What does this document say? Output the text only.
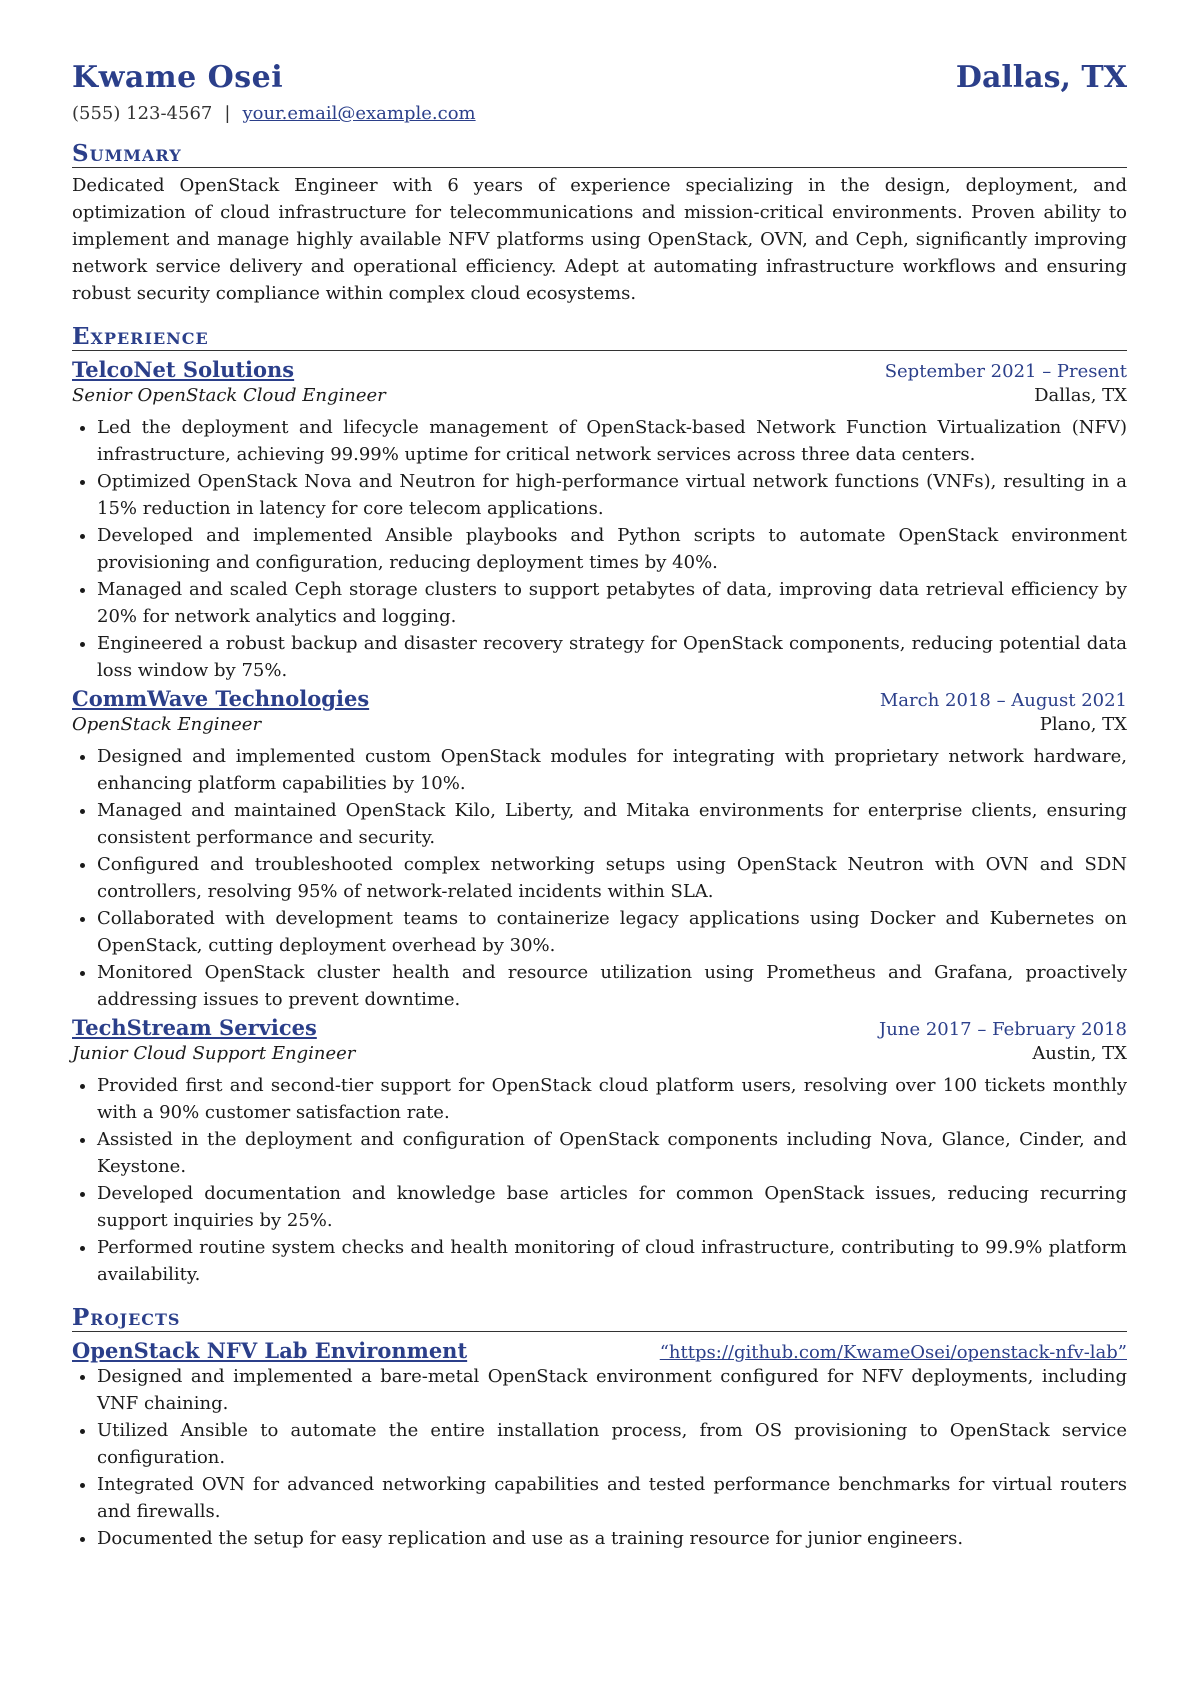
Kwame Osei	Dallas, TX
(555) 123-4567 | your.email@example.com
Summary
Dedicated OpenStack Engineer with 6 years of experience specializing in the design, deployment, and optimization of cloud infrastructure for telecommunications and mission-critical environments. Proven ability to implement and manage highly available NFV platforms using OpenStack, OVN, and Ceph, significantly improving network service delivery and operational efficiency. Adept at automating infrastructure workflows and ensuring robust security compliance within complex cloud ecosystems.
Experience
TelcoNet Solutions	September 2021 – Present
Senior OpenStack Cloud Engineer	Dallas, TX
• Led the deployment and lifecycle management of OpenStack-based Network Function Virtualization (NFV) infrastructure, achieving 99.99% uptime for critical network services across three data centers.
• Optimized OpenStack Nova and Neutron for high-performance virtual network functions (VNFs), resulting in a 15% reduction in latency for core telecom applications.
• Developed and implemented Ansible playbooks and Python scripts to automate OpenStack environment provisioning and configuration, reducing deployment times by 40%.
• Managed and scaled Ceph storage clusters to support petabytes of data, improving data retrieval efficiency by 20% for network analytics and logging.
• Engineered a robust backup and disaster recovery strategy for OpenStack components, reducing potential data loss window by 75%.
CommWave Technologies	March 2018 – August 2021
OpenStack Engineer	Plano, TX
• Designed and implemented custom OpenStack modules for integrating with proprietary network hardware, enhancing platform capabilities by 10%.
• Managed and maintained OpenStack Kilo, Liberty, and Mitaka environments for enterprise clients, ensuring consistent performance and security.
• Configured and troubleshooted complex networking setups using OpenStack Neutron with OVN and SDN controllers, resolving 95% of network-related incidents within SLA.
• Collaborated with development teams to containerize legacy applications using Docker and Kubernetes on OpenStack, cutting deployment overhead by 30%.
• Monitored OpenStack cluster health and resource utilization using Prometheus and Grafana, proactively addressing issues to prevent downtime.
TechStream Services	June 2017 – February 2018
Junior Cloud Support Engineer	Austin, TX
• Provided first and second-tier support for OpenStack cloud platform users, resolving over 100 tickets monthly with a 90% customer satisfaction rate.
• Assisted in the deployment and configuration of OpenStack components including Nova, Glance, Cinder, and Keystone.
• Developed documentation and knowledge base articles for common OpenStack issues, reducing recurring support inquiries by 25%.
• Performed routine system checks and health monitoring of cloud infrastructure, contributing to 99.9% platform availability.
Projects
OpenStack NFV Lab Environment	“https://github.com/KwameOsei/openstack-nfv-lab”
• Designed and implemented a bare-metal OpenStack environment configured for NFV deployments, including VNF chaining.
• Utilized Ansible to automate the entire installation process, from OS provisioning to OpenStack service configuration.
• Integrated OVN for advanced networking capabilities and tested performance benchmarks for virtual routers and firewalls.
• Documented the setup for easy replication and use as a training resource for junior engineers.
